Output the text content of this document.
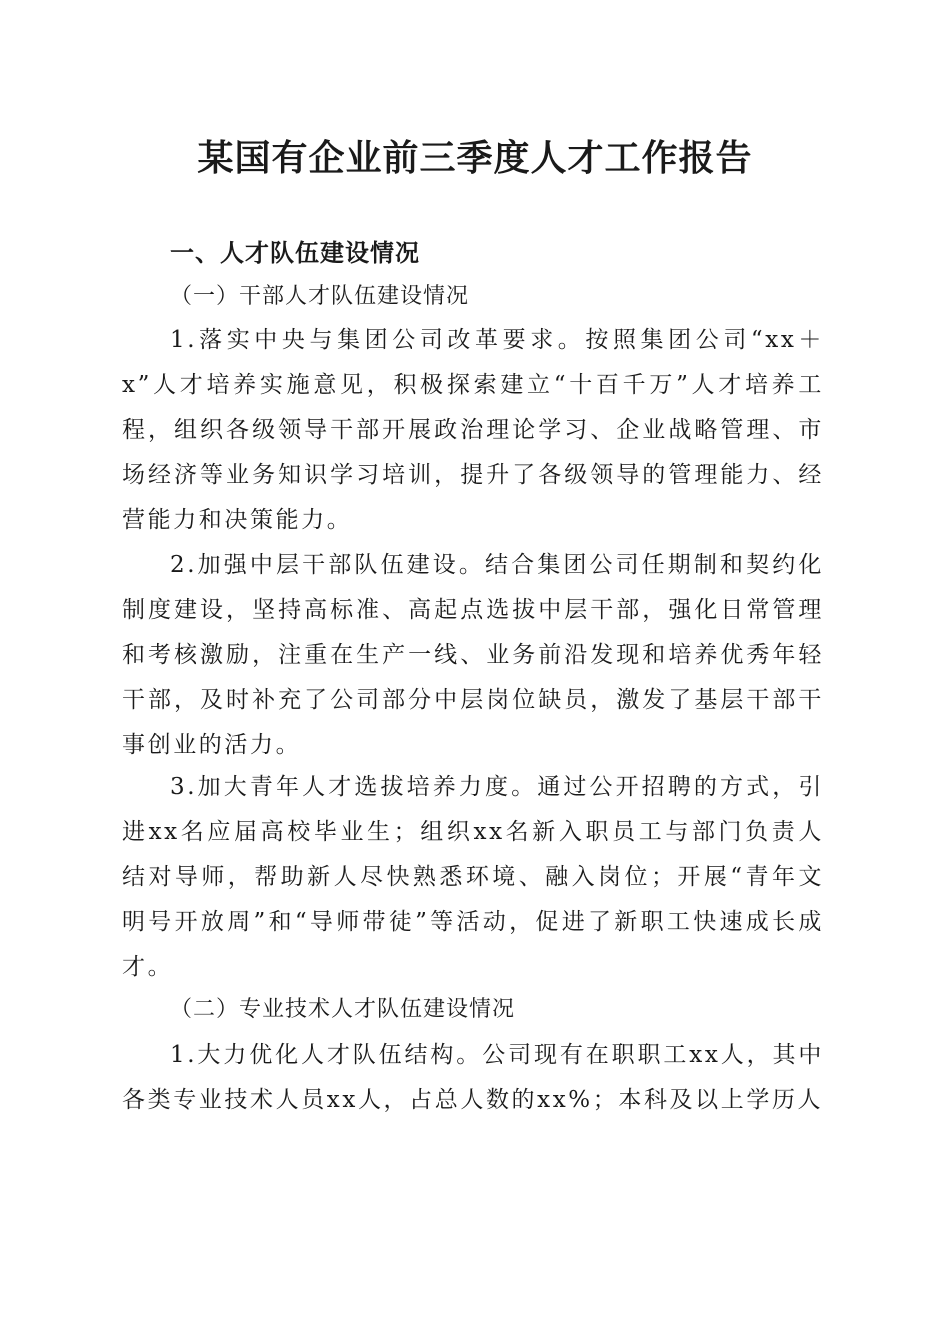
某国有企业前三季度人才工作报告
一、人才队伍建设情况
（一）干部人才队伍建设情况
1.落实中央与集团公司改革要求。按照集团公司“xx＋x”人才培养实施意见，积极探索建立“十百千万”人才培养工程，组织各级领导干部开展政治理论学习、企业战略管理、市场经济等业务知识学习培训，提升了各级领导的管理能力、经营能力和决策能力。
2.加强中层干部队伍建设。结合集团公司任期制和契约化制度建设，坚持高标准、高起点选拔中层干部，强化日常管理和考核激励，注重在生产一线、业务前沿发现和培养优秀年轻干部，及时补充了公司部分中层岗位缺员，激发了基层干部干事创业的活力。
3.加大青年人才选拔培养力度。通过公开招聘的方式，引进xx名应届高校毕业生；组织xx名新入职员工与部门负责人结对导师，帮助新人尽快熟悉环境、融入岗位；开展“青年文明号开放周”和“导师带徒”等活动，促进了新职工快速成长成才。
（二）专业技术人才队伍建设情况
1.大力优化人才队伍结构。公司现有在职职工xx人，其中各类专业技术人员xx人，占总人数的xx%；本科及以上学历人
